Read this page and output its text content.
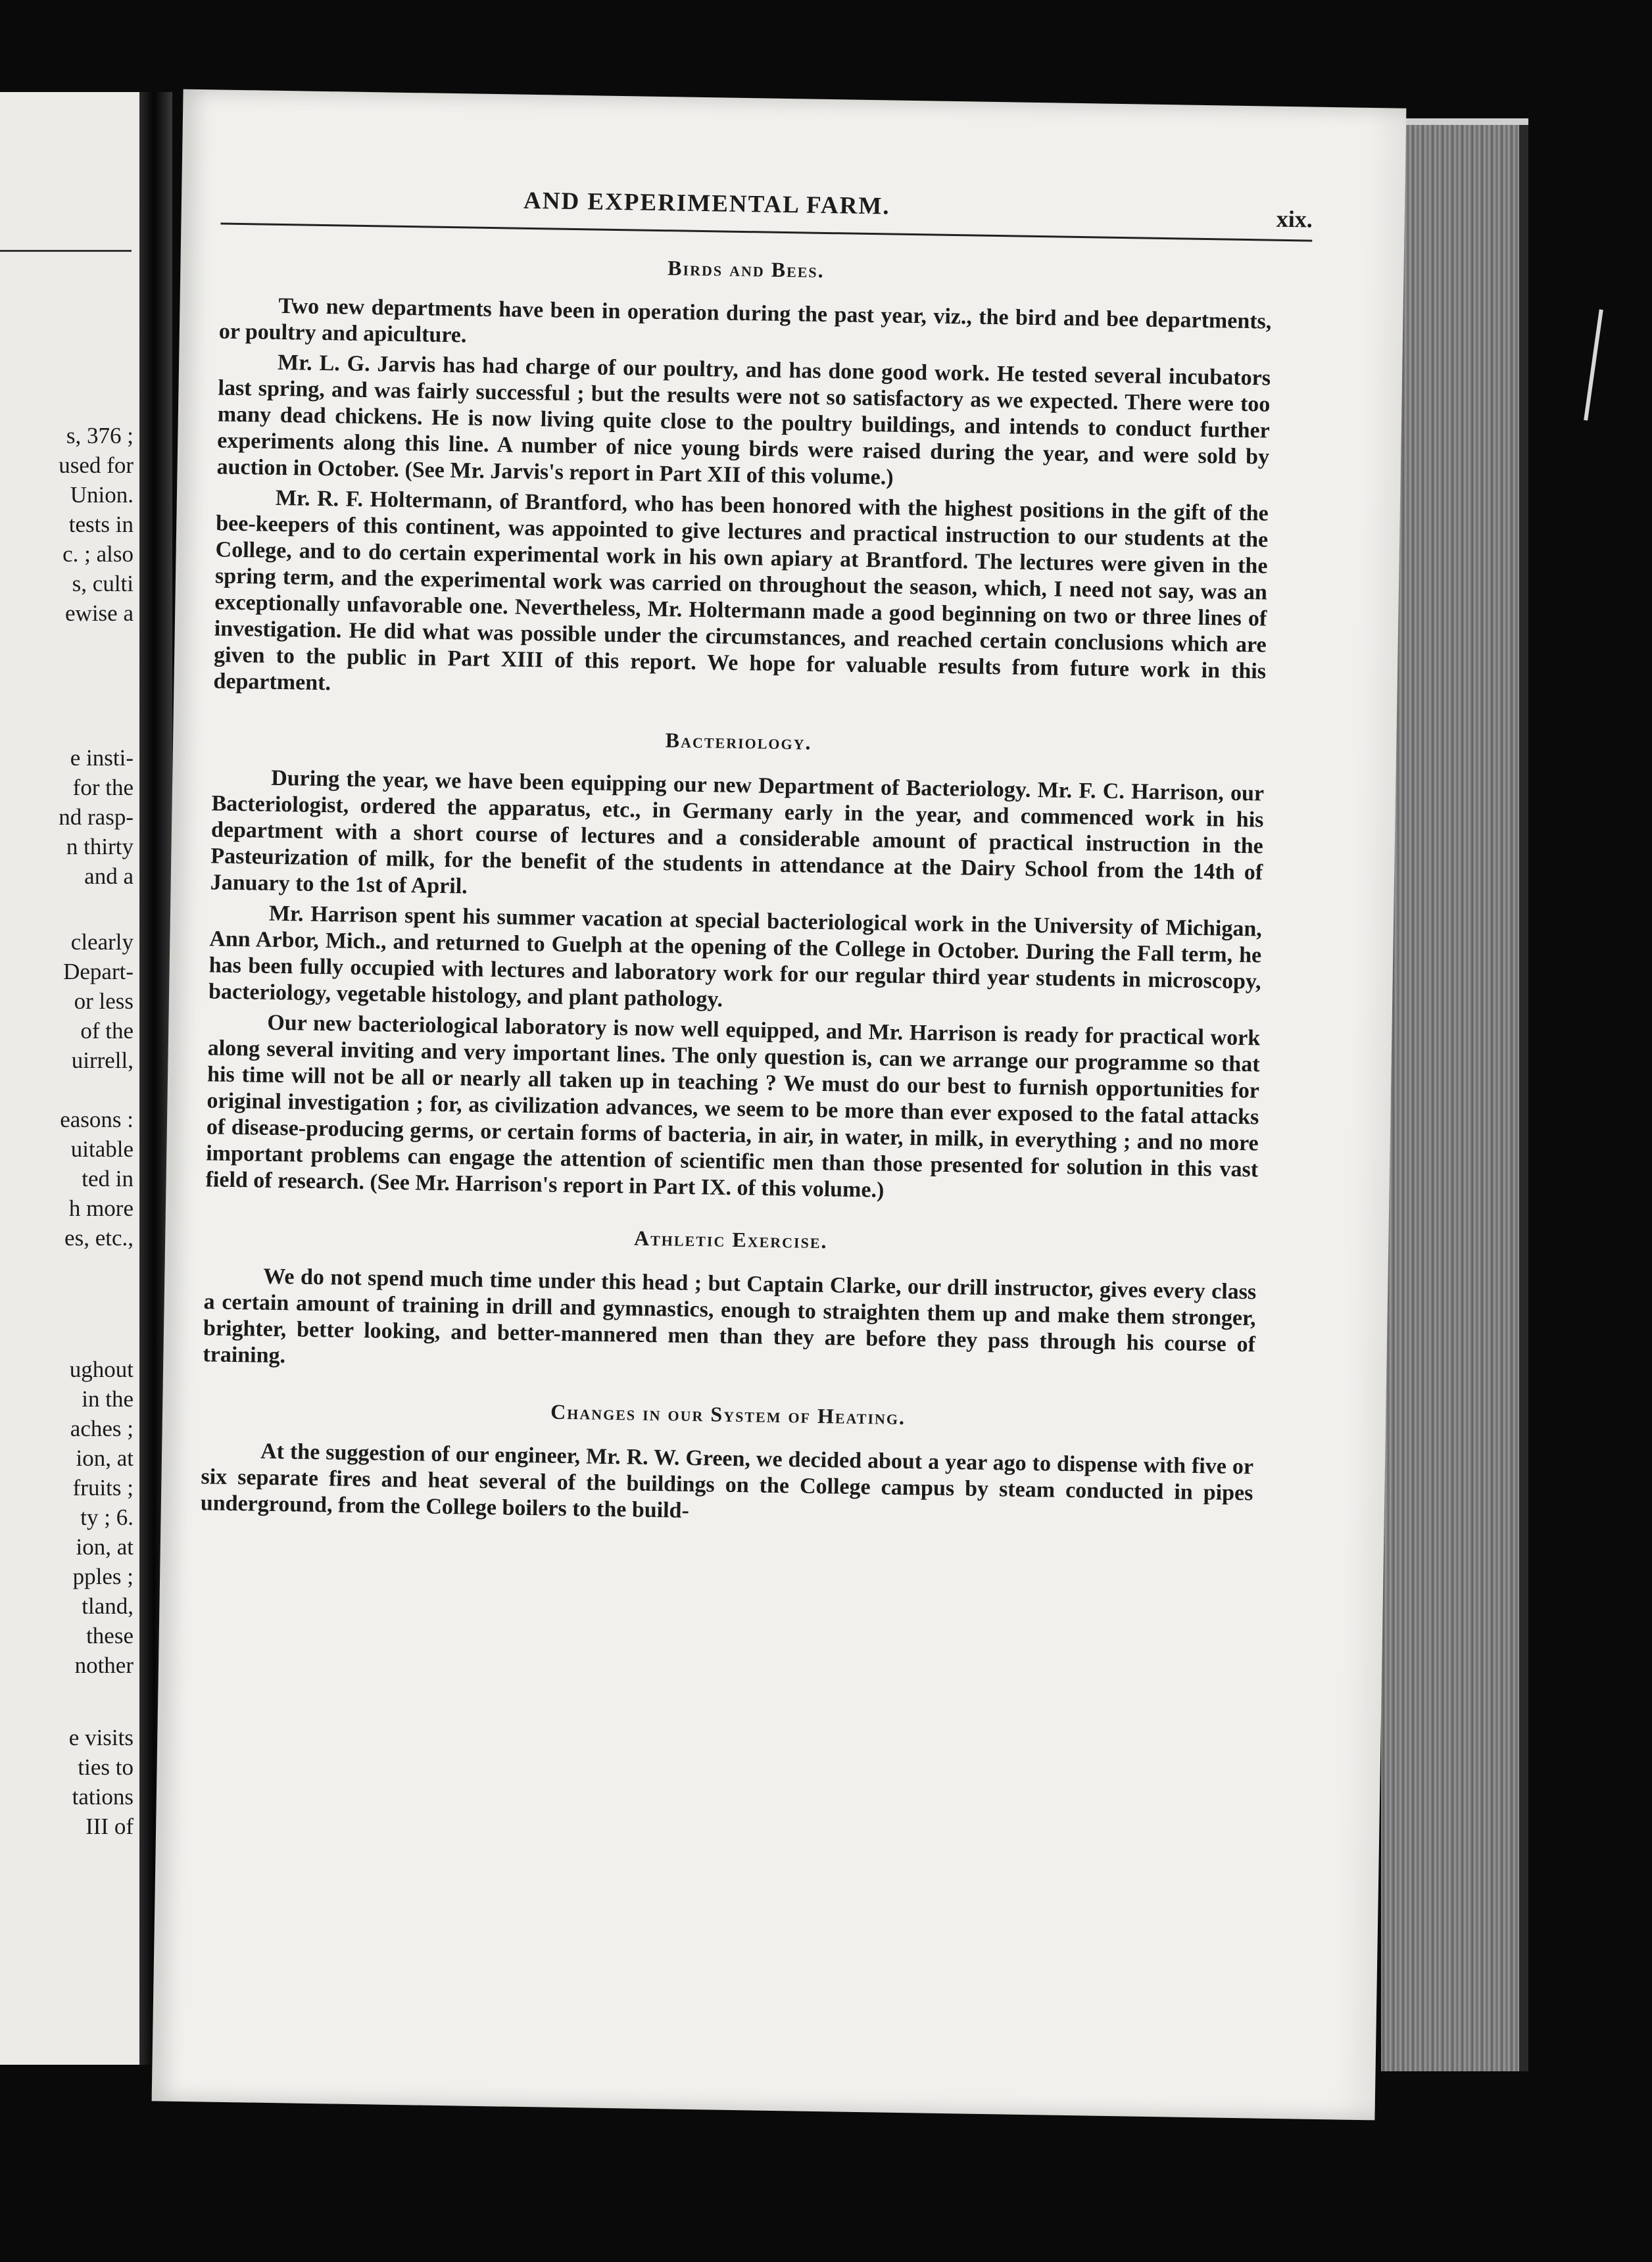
s, 376 ;
used for
Union.
tests in
c. ; also
s, culti
ewise a
e insti-
for the
nd rasp-
n thirty
and a
clearly
Depart-
or less
of the
uirrell,
easons :
uitable
ted in
h more
es, etc.,
ughout
in the
aches ;
ion, at
fruits ;
ty ; 6.
ion, at
pples ;
tland,
these
nother
e visits
ties to
tations
III of
AND EXPERIMENTAL FARM.	xix.
Birds and Bees.

Two new departments have been in operation during the past year, viz., the bird and bee departments, or poultry and apiculture.

Mr. L. G. Jarvis has had charge of our poultry, and has done good work. He tested several incubators last spring, and was fairly successful ; but the results were not so satisfactory as we expected. There were too many dead chickens. He is now living quite close to the poultry buildings, and intends to conduct further experiments along this line. A number of nice young birds were raised during the year, and were sold by auction in October. (See Mr. Jarvis's report in Part XII of this volume.)

Mr. R. F. Holtermann, of Brantford, who has been honored with the highest positions in the gift of the bee-keepers of this continent, was appointed to give lectures and practical instruction to our students at the College, and to do certain experimental work in his own apiary at Brantford. The lectures were given in the spring term, and the experimental work was carried on throughout the season, which, I need not say, was an exceptionally unfavorable one. Nevertheless, Mr. Holtermann made a good beginning on two or three lines of investigation. He did what was possible under the circumstances, and reached certain conclusions which are given to the public in Part XIII of this report. We hope for valuable results from future work in this department.

Bacteriology.

During the year, we have been equipping our new Department of Bacteriology. Mr. F. C. Harrison, our Bacteriologist, ordered the apparatus, etc., in Germany early in the year, and commenced work in his department with a short course of lectures and a considerable amount of practical instruction in the Pasteurization of milk, for the benefit of the students in attendance at the Dairy School from the 14th of January to the 1st of April.

Mr. Harrison spent his summer vacation at special bacteriological work in the University of Michigan, Ann Arbor, Mich., and returned to Guelph at the opening of the College in October. During the Fall term, he has been fully occupied with lectures and laboratory work for our regular third year students in microscopy, bacteriology, vegetable histology, and plant pathology.

Our new bacteriological laboratory is now well equipped, and Mr. Harrison is ready for practical work along several inviting and very important lines. The only question is, can we arrange our programme so that his time will not be all or nearly all taken up in teaching ? We must do our best to furnish opportunities for original investigation ; for, as civilization advances, we seem to be more than ever exposed to the fatal attacks of disease-producing germs, or certain forms of bacteria, in air, in water, in milk, in everything ; and no more important problems can engage the attention of scientific men than those presented for solution in this vast field of research. (See Mr. Harrison's report in Part IX. of this volume.)

Athletic Exercise.

We do not spend much time under this head ; but Captain Clarke, our drill instructor, gives every class a certain amount of training in drill and gymnastics, enough to straighten them up and make them stronger, brighter, better looking, and better-mannered men than they are before they pass through his course of training.

Changes in our System of Heating.

At the suggestion of our engineer, Mr. R. W. Green, we decided about a year ago to dispense with five or six separate fires and heat several of the buildings on the College campus by steam conducted in pipes underground, from the College boilers to the build-
